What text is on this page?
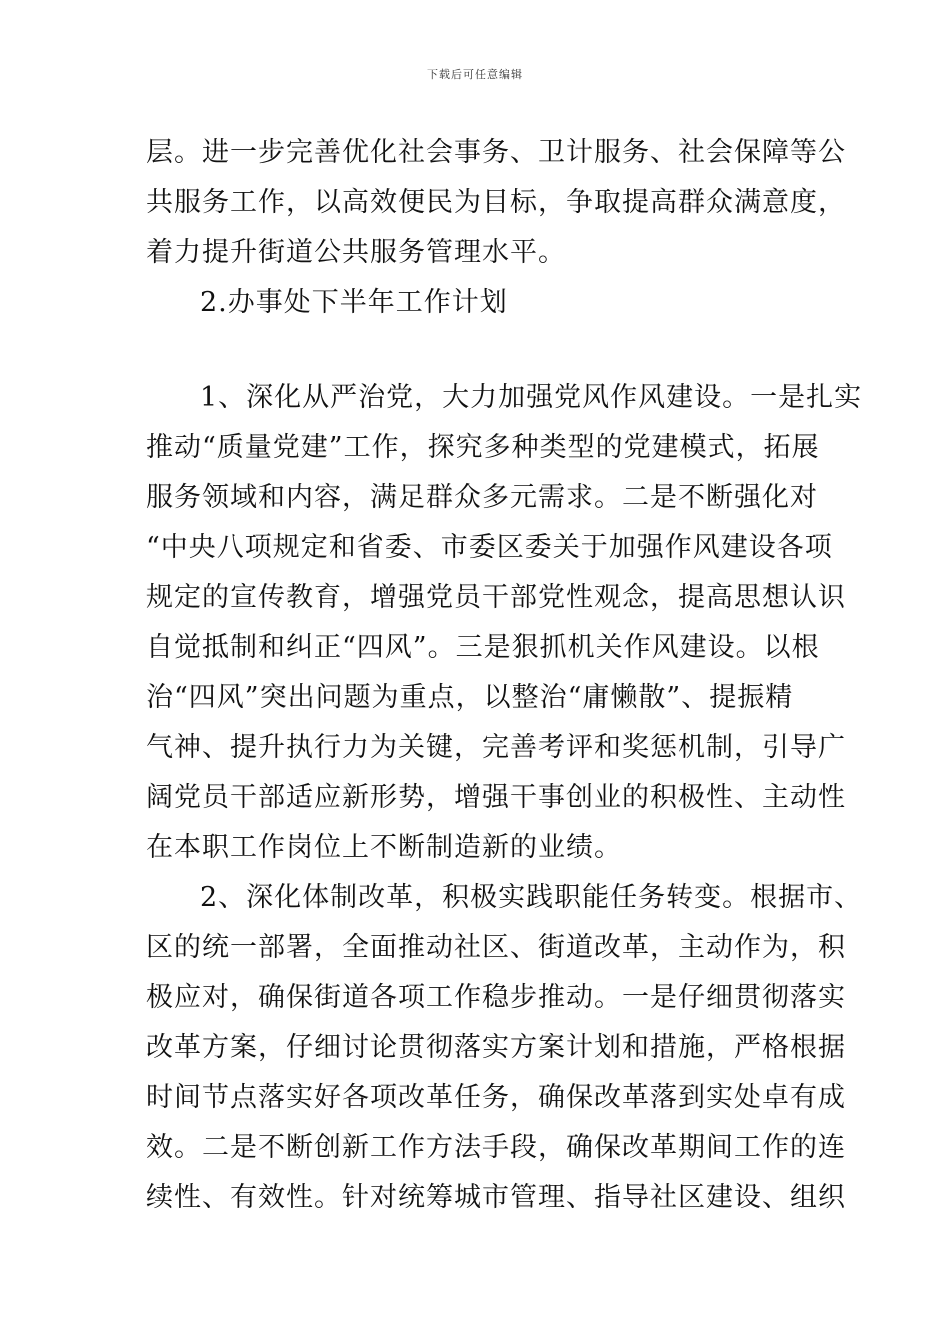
下载后可任意编辑
层。进一步完善优化社会事务、卫计服务、社会保障等公
共服务工作，以高效便民为目标，争取提高群众满意度，
着力提升街道公共服务管理水平。
2.办事处下半年工作计划
1、深化从严治党，大力加强党风作风建设。一是扎实
推动“质量党建”工作，探究多种类型的党建模式，拓展
服务领域和内容，满足群众多元需求。二是不断强化对
“中央八项规定和省委、市委区委关于加强作风建设各项
规定的宣传教育，增强党员干部党性观念，提高思想认识
自觉抵制和纠正“四风”。三是狠抓机关作风建设。以根
治“四风”突出问题为重点，以整治“庸懒散”、提振精
气神、提升执行力为关键，完善考评和奖惩机制，引导广
阔党员干部适应新形势，增强干事创业的积极性、主动性
在本职工作岗位上不断制造新的业绩。
2、深化体制改革，积极实践职能任务转变。根据市、
区的统一部署，全面推动社区、街道改革，主动作为，积
极应对，确保街道各项工作稳步推动。一是仔细贯彻落实
改革方案，仔细讨论贯彻落实方案计划和措施，严格根据
时间节点落实好各项改革任务，确保改革落到实处卓有成
效。二是不断创新工作方法手段，确保改革期间工作的连
续性、有效性。针对统筹城市管理、指导社区建设、组织
